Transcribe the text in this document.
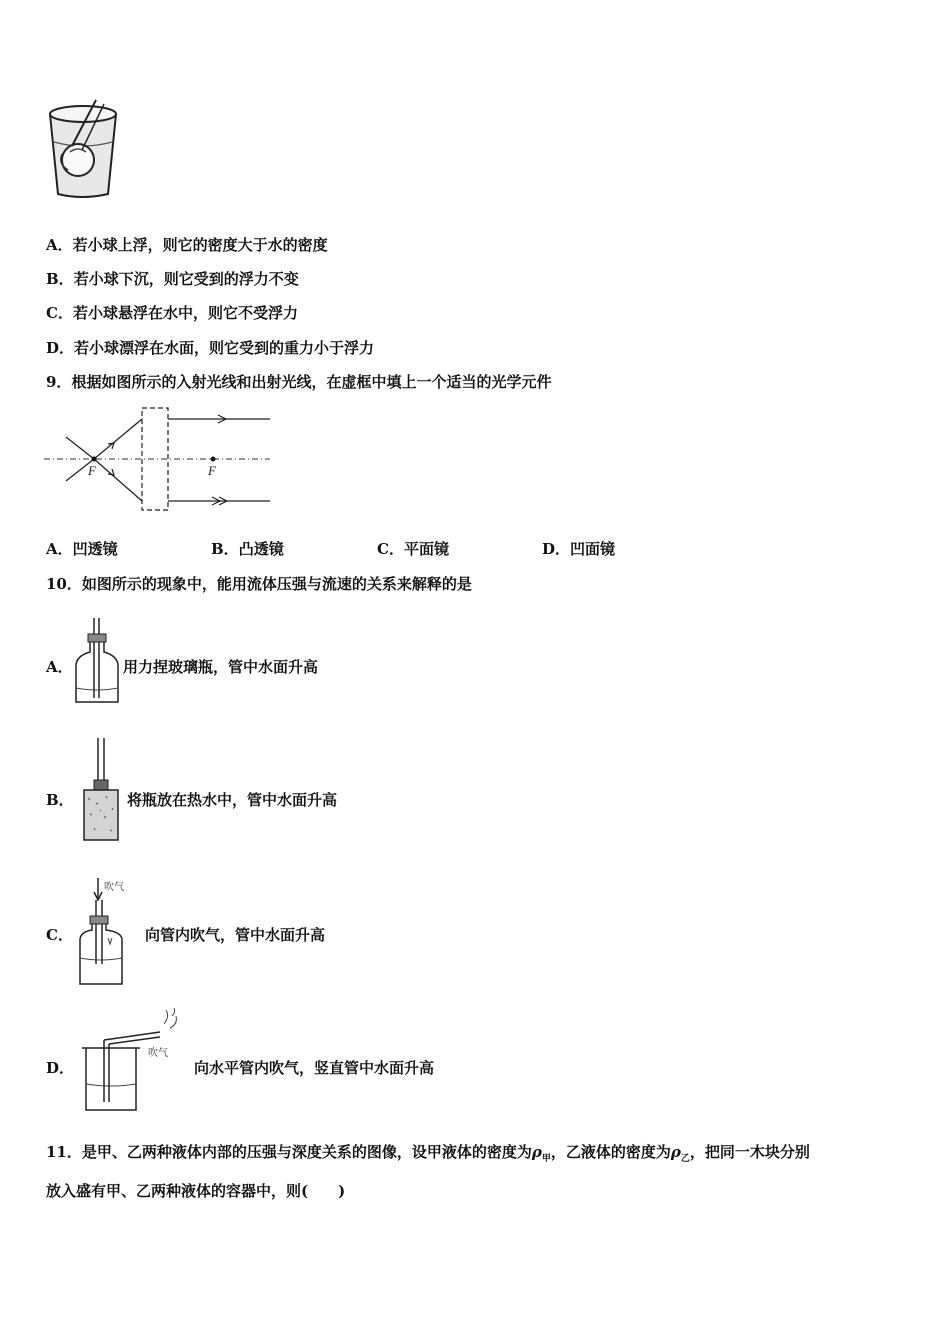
A．若小球上浮，则它的密度大于水的密度
B．若小球下沉，则它受到的浮力不变
C．若小球悬浮在水中，则它不受浮力
D．若小球漂浮在水面，则它受到的重力小于浮力
9．根据如图所示的入射光线和出射光线，在虚框中填上一个适当的光学元件
F	F
A．凹透镜	B．凸透镜	C．平面镜	D．凹面镜
10．如图所示的现象中，能用流体压强与流速的关系来解释的是
A．	用力捏玻璃瓶，管中水面升高
B．	将瓶放在热水中，管中水面升高
C．
吹气
向管内吹气，管中水面升高
D．
吹气
向水平管内吹气，竖直管中水面升高
11．是甲、乙两种液体内部的压强与深度关系的图像，设甲液体的密度为$\rho_甲$，乙液体的密度为$\rho_乙$，把同一木块分别
放入盛有甲、乙两种液体的容器中，则(　　)
